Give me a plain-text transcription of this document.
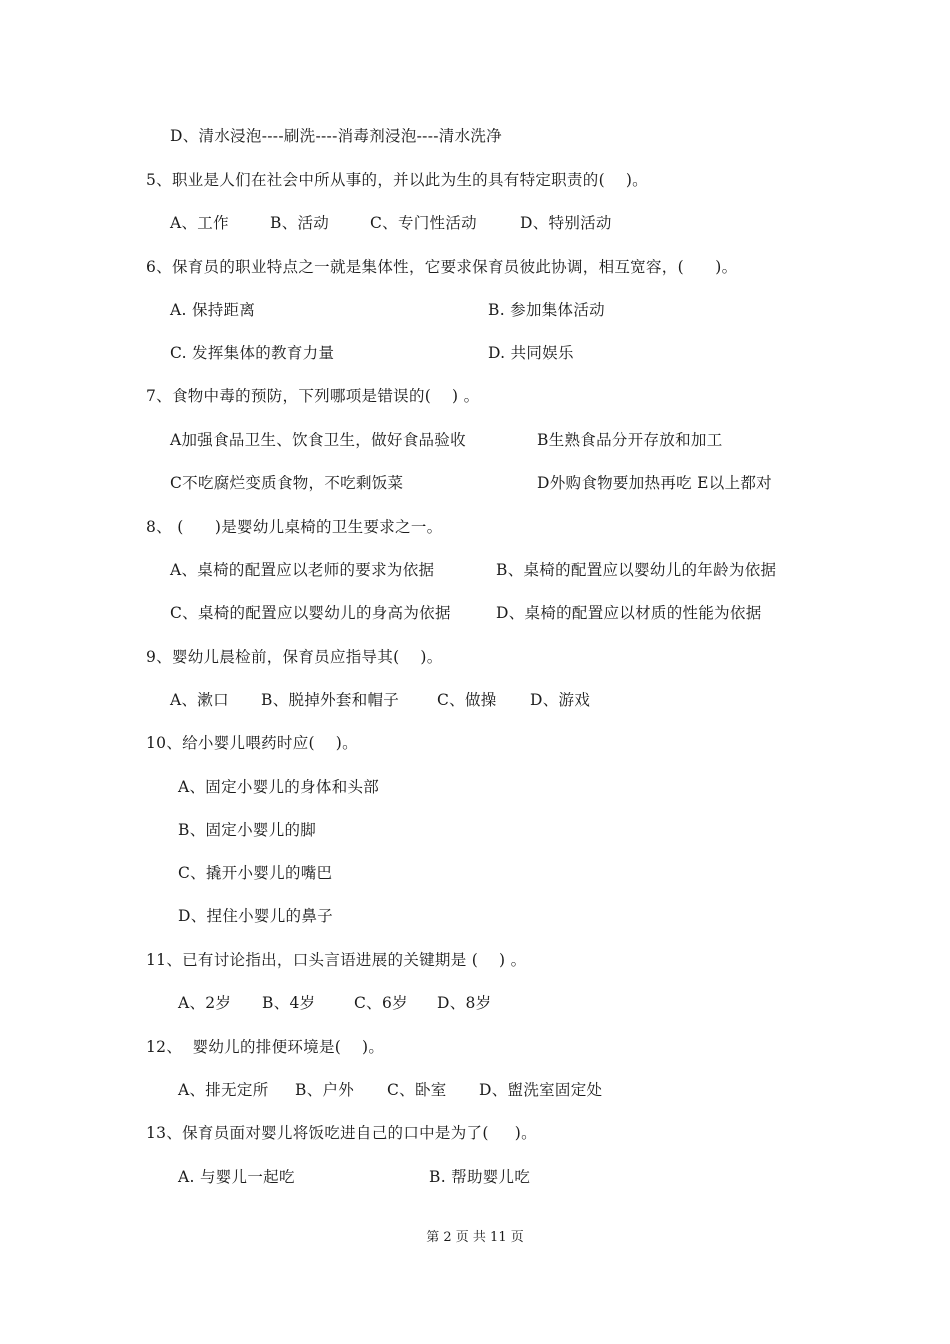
D、清水浸泡----刷洗----消毒剂浸泡----清水洗净
5、职业是人们在社会中所从事的，并以此为生的具有特定职责的(    )。
A、工作	B、活动	C、专门性活动	D、特别活动
6、保育员的职业特点之一就是集体性，它要求保育员彼此协调，相互宽容，(      )。
A. 保持距离	B. 参加集体活动
C. 发挥集体的教育力量	D. 共同娱乐
7、食物中毒的预防，下列哪项是错误的(    ) 。
A加强食品卫生、饮食卫生，做好食品验收	B生熟食品分开存放和加工
C不吃腐烂变质食物，不吃剩饭菜	D外购食物要加热再吃 E以上都对
8、 (      )是婴幼儿桌椅的卫生要求之一。
A、桌椅的配置应以老师的要求为依据	B、桌椅的配置应以婴幼儿的年龄为依据
C、桌椅的配置应以婴幼儿的身高为依据	D、桌椅的配置应以材质的性能为依据
9、婴幼儿晨检前，保育员应指导其(    )。
A、漱口 B、脱掉外套和帽子 C、做操 D、游戏
10、给小婴儿喂药时应(    )。
A、固定小婴儿的身体和头部
B、固定小婴儿的脚
C、撬开小婴儿的嘴巴
D、捏住小婴儿的鼻子
11、已有讨论指出，口头言语进展的关键期是 (    ) 。
A、2岁 B、4岁 C、6岁 D、8岁
12、  婴幼儿的排便环境是(    )。
A、排无定所 B、户外 C、卧室 D、盥洗室固定处
13、保育员面对婴儿将饭吃进自己的口中是为了(     )。
A. 与婴儿一起吃	B. 帮助婴儿吃
第 2 页 共 11 页
